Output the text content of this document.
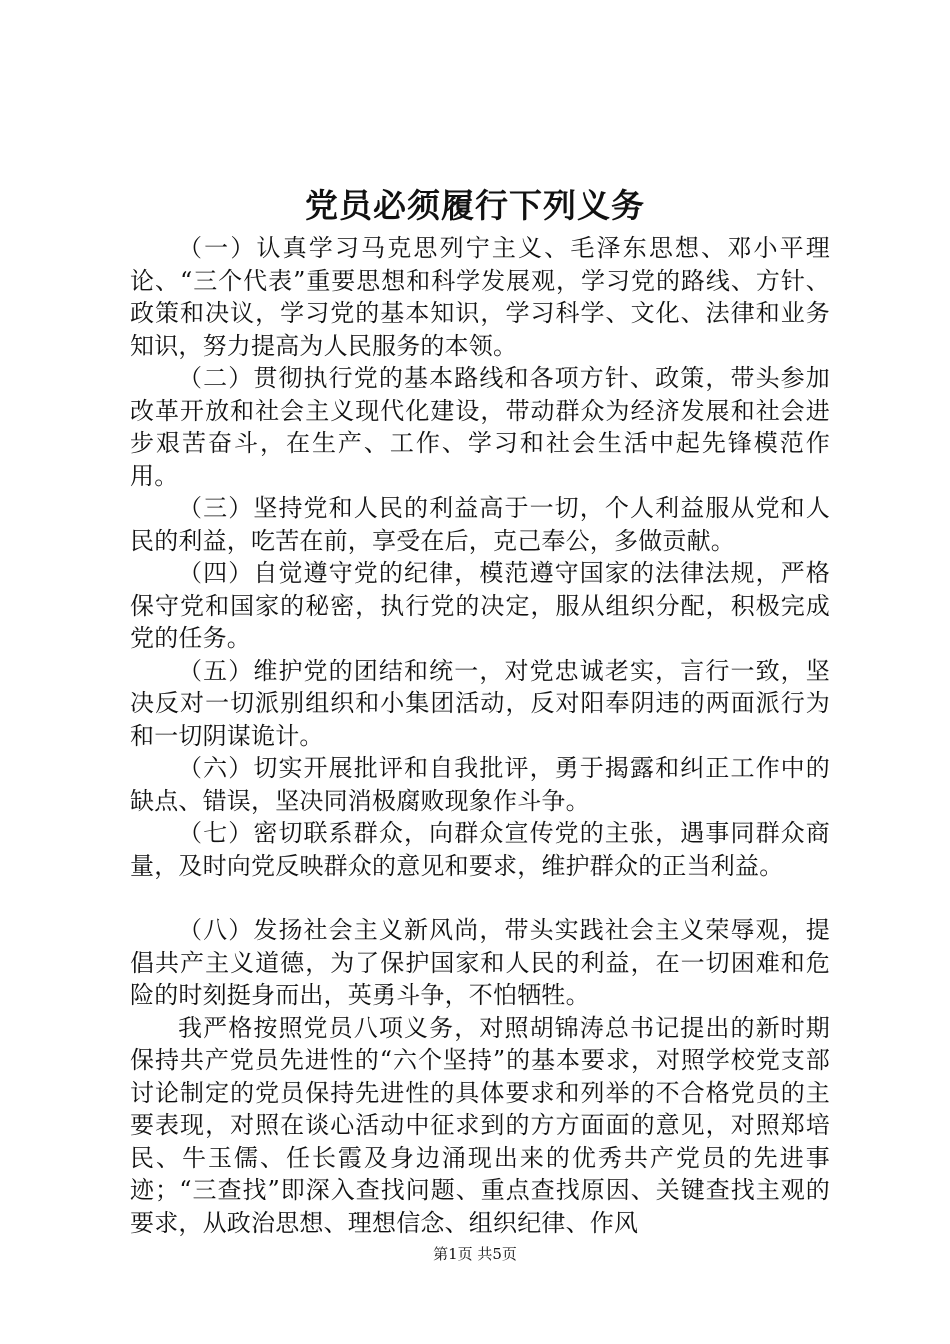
党员必须履行下列义务

（一）认真学习马克思列宁主义、毛泽东思想、邓小平理论、“三个代表”重要思想和科学发展观，学习党的路线、方针、政策和决议，学习党的基本知识，学习科学、文化、法律和业务知识，努力提高为人民服务的本领。

（二）贯彻执行党的基本路线和各项方针、政策，带头参加改革开放和社会主义现代化建设，带动群众为经济发展和社会进步艰苦奋斗，在生产、工作、学习和社会生活中起先锋模范作用。

（三）坚持党和人民的利益高于一切，个人利益服从党和人民的利益，吃苦在前，享受在后，克己奉公，多做贡献。

（四）自觉遵守党的纪律，模范遵守国家的法律法规，严格保守党和国家的秘密，执行党的决定，服从组织分配，积极完成党的任务。

（五）维护党的团结和统一，对党忠诚老实，言行一致，坚决反对一切派别组织和小集团活动，反对阳奉阴违的两面派行为和一切阴谋诡计。

（六）切实开展批评和自我批评，勇于揭露和纠正工作中的缺点、错误，坚决同消极腐败现象作斗争。

（七）密切联系群众，向群众宣传党的主张，遇事同群众商量，及时向党反映群众的意见和要求，维护群众的正当利益。

（八）发扬社会主义新风尚，带头实践社会主义荣辱观，提倡共产主义道德，为了保护国家和人民的利益，在一切困难和危险的时刻挺身而出，英勇斗争，不怕牺牲。

我严格按照党员八项义务，对照胡锦涛总书记提出的新时期保持共产党员先进性的“六个坚持”的基本要求，对照学校党支部讨论制定的党员保持先进性的具体要求和列举的不合格党员的主要表现，对照在谈心活动中征求到的方方面面的意见，对照郑培民、牛玉儒、任长霞及身边涌现出来的优秀共产党员的先进事迹；“三查找”即深入查找问题、重点查找原因、关键查找主观的要求，从政治思想、理想信念、组织纪律、作风

第1页 共5页
